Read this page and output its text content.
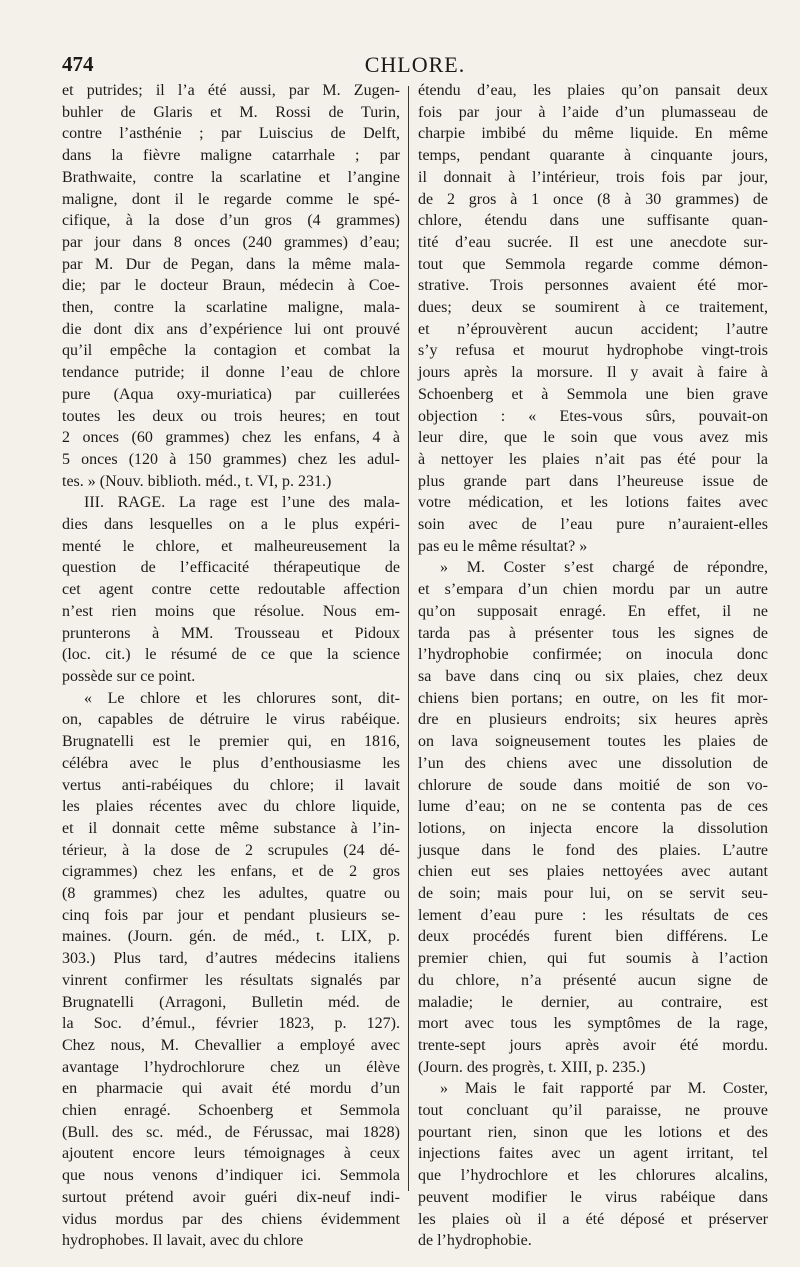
474	CHLORE.
et putrides; il l’a été aussi, par M. Zugen-
buhler de Glaris et M. Rossi de Turin,
contre l’asthénie ; par Luiscius de Delft,
dans la fièvre maligne catarrhale ; par
Brathwaite, contre la scarlatine et l’angine
maligne, dont il le regarde comme le spé-
cifique, à la dose d’un gros (4 grammes)
par jour dans 8 onces (240 grammes) d’eau;
par M. Dur de Pegan, dans la même mala-
die; par le docteur Braun, médecin à Coe-
then, contre la scarlatine maligne, mala-
die dont dix ans d’expérience lui ont prouvé
qu’il empêche la contagion et combat la
tendance putride; il donne l’eau de chlore
pure (Aqua oxy-muriatica) par cuillerées
toutes les deux ou trois heures; en tout
2 onces (60 grammes) chez les enfans, 4 à
5 onces (120 à 150 grammes) chez les adul-
tes. » (Nouv. biblioth. méd., t. VI, p. 231.)
III. RAGE. La rage est l’une des mala-
dies dans lesquelles on a le plus expéri-
menté le chlore, et malheureusement la
question de l’efficacité thérapeutique de
cet agent contre cette redoutable affection
n’est rien moins que résolue. Nous em-
prunterons à MM. Trousseau et Pidoux
(loc. cit.) le résumé de ce que la science
possède sur ce point.
« Le chlore et les chlorures sont, dit-
on, capables de détruire le virus rabéique.
Brugnatelli est le premier qui, en 1816,
célébra avec le plus d’enthousiasme les
vertus anti-rabéiques du chlore; il lavait
les plaies récentes avec du chlore liquide,
et il donnait cette même substance à l’in-
térieur, à la dose de 2 scrupules (24 dé-
cigrammes) chez les enfans, et de 2 gros
(8 grammes) chez les adultes, quatre ou
cinq fois par jour et pendant plusieurs se-
maines. (Journ. gén. de méd., t. LIX, p.
303.) Plus tard, d’autres médecins italiens
vinrent confirmer les résultats signalés par
Brugnatelli (Arragoni, Bulletin méd. de
la Soc. d’émul., février 1823, p. 127).
Chez nous, M. Chevallier a employé avec
avantage l’hydrochlorure chez un élève
en pharmacie qui avait été mordu d’un
chien enragé. Schoenberg et Semmola
(Bull. des sc. méd., de Férussac, mai 1828)
ajoutent encore leurs témoignages à ceux
que nous venons d’indiquer ici. Semmola
surtout prétend avoir guéri dix-neuf indi-
vidus mordus par des chiens évidemment
hydrophobes. Il lavait, avec du chlore
étendu d’eau, les plaies qu’on pansait deux
fois par jour à l’aide d’un plumasseau de
charpie imbibé du même liquide. En même
temps, pendant quarante à cinquante jours,
il donnait à l’intérieur, trois fois par jour,
de 2 gros à 1 once (8 à 30 grammes) de
chlore, étendu dans une suffisante quan-
tité d’eau sucrée. Il est une anecdote sur-
tout que Semmola regarde comme démon-
strative. Trois personnes avaient été mor-
dues; deux se soumirent à ce traitement,
et n’éprouvèrent aucun accident; l’autre
s’y refusa et mourut hydrophobe vingt-trois
jours après la morsure. Il y avait à faire à
Schoenberg et à Semmola une bien grave
objection : « Etes-vous sûrs, pouvait-on
leur dire, que le soin que vous avez mis
à nettoyer les plaies n’ait pas été pour la
plus grande part dans l’heureuse issue de
votre médication, et les lotions faites avec
soin avec de l’eau pure n’auraient-elles
pas eu le même résultat? »
» M. Coster s’est chargé de répondre,
et s’empara d’un chien mordu par un autre
qu’on supposait enragé. En effet, il ne
tarda pas à présenter tous les signes de
l’hydrophobie confirmée; on inocula donc
sa bave dans cinq ou six plaies, chez deux
chiens bien portans; en outre, on les fit mor-
dre en plusieurs endroits; six heures après
on lava soigneusement toutes les plaies de
l’un des chiens avec une dissolution de
chlorure de soude dans moitié de son vo-
lume d’eau; on ne se contenta pas de ces
lotions, on injecta encore la dissolution
jusque dans le fond des plaies. L’autre
chien eut ses plaies nettoyées avec autant
de soin; mais pour lui, on se servit seu-
lement d’eau pure : les résultats de ces
deux procédés furent bien différens. Le
premier chien, qui fut soumis à l’action
du chlore, n’a présenté aucun signe de
maladie; le dernier, au contraire, est
mort avec tous les symptômes de la rage,
trente-sept jours après avoir été mordu.
(Journ. des progrès, t. XIII, p. 235.)
» Mais le fait rapporté par M. Coster,
tout concluant qu’il paraisse, ne prouve
pourtant rien, sinon que les lotions et des
injections faites avec un agent irritant, tel
que l’hydrochlore et les chlorures alcalins,
peuvent modifier le virus rabéique dans
les plaies où il a été déposé et préserver
de l’hydrophobie.
